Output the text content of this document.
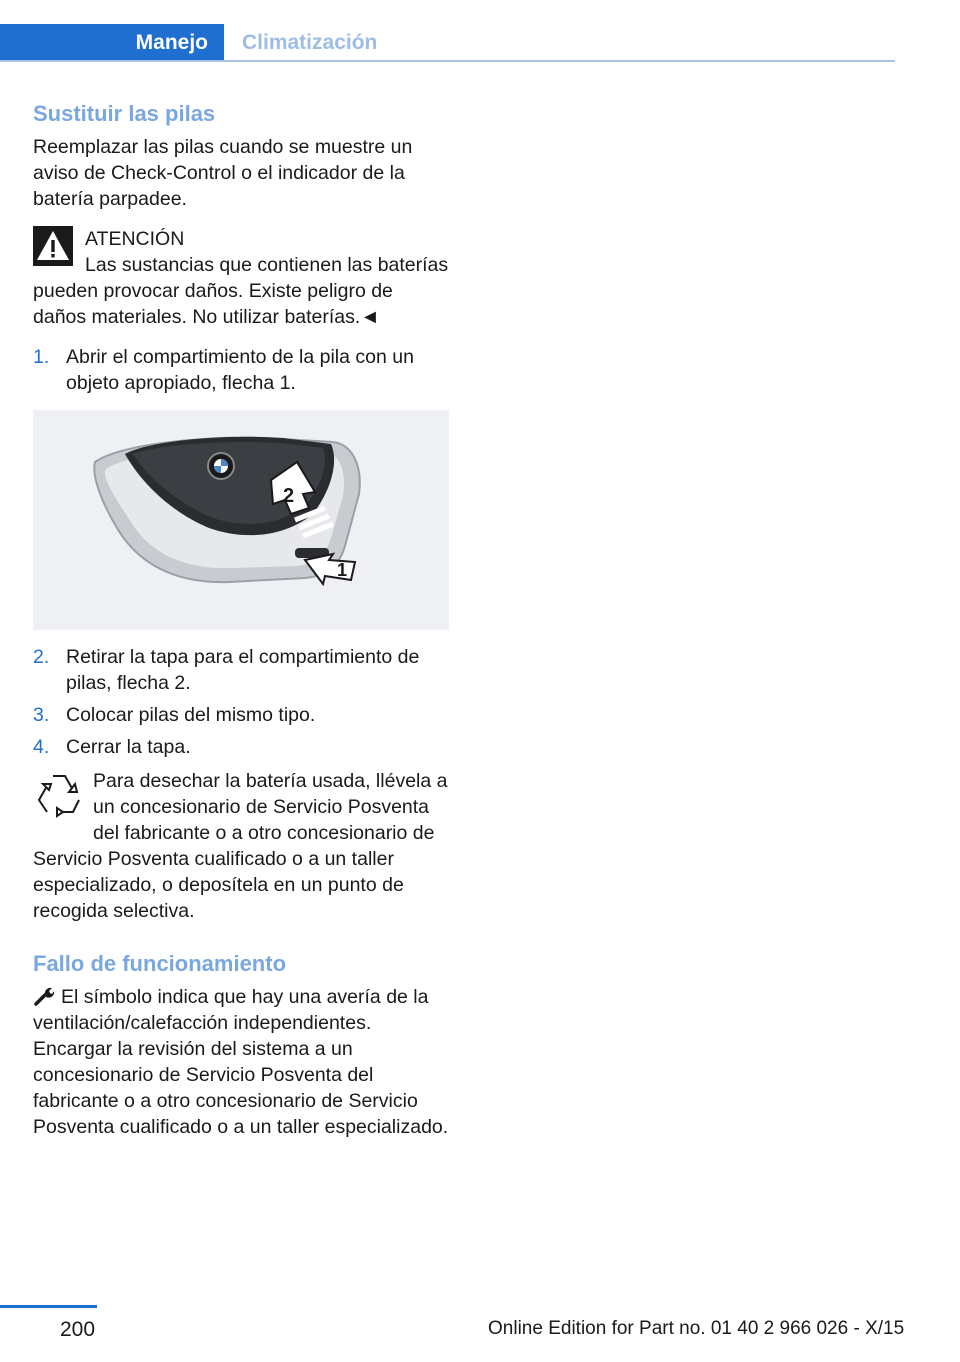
Manejo	Climatización
Sustituir las pilas

Reemplazar las pilas cuando se muestre un aviso de Check-Control o el indicador de la batería parpadee.

ATENCIÓN

Las sustancias que contienen las baterías pueden provocar daños. Existe peligro de daños materiales. No utilizar baterías.◄

1. Abrir el compartimiento de la pila con un objeto apropiado, flecha 1.
2
1
2. Retirar la tapa para el compartimiento de pilas, flecha 2.
3. Colocar pilas del mismo tipo.
4. Cerrar la tapa.

Para desechar la batería usada, llévela a un concesionario de Servicio Posventa del fabricante o a otro concesionario de Servicio Posventa cualificado o a un taller especializado, o deposítela en un punto de recogida selectiva.

Fallo de funcionamiento

El símbolo indica que hay una avería de la ventilación/calefacción independientes. Encargar la revisión del sistema a un concesionario de Servicio Posventa del fabricante o a otro concesionario de Servicio Posventa cualificado o a un taller especializado.

200	Online Edition for Part no. 01 40 2 966 026 - X/15
